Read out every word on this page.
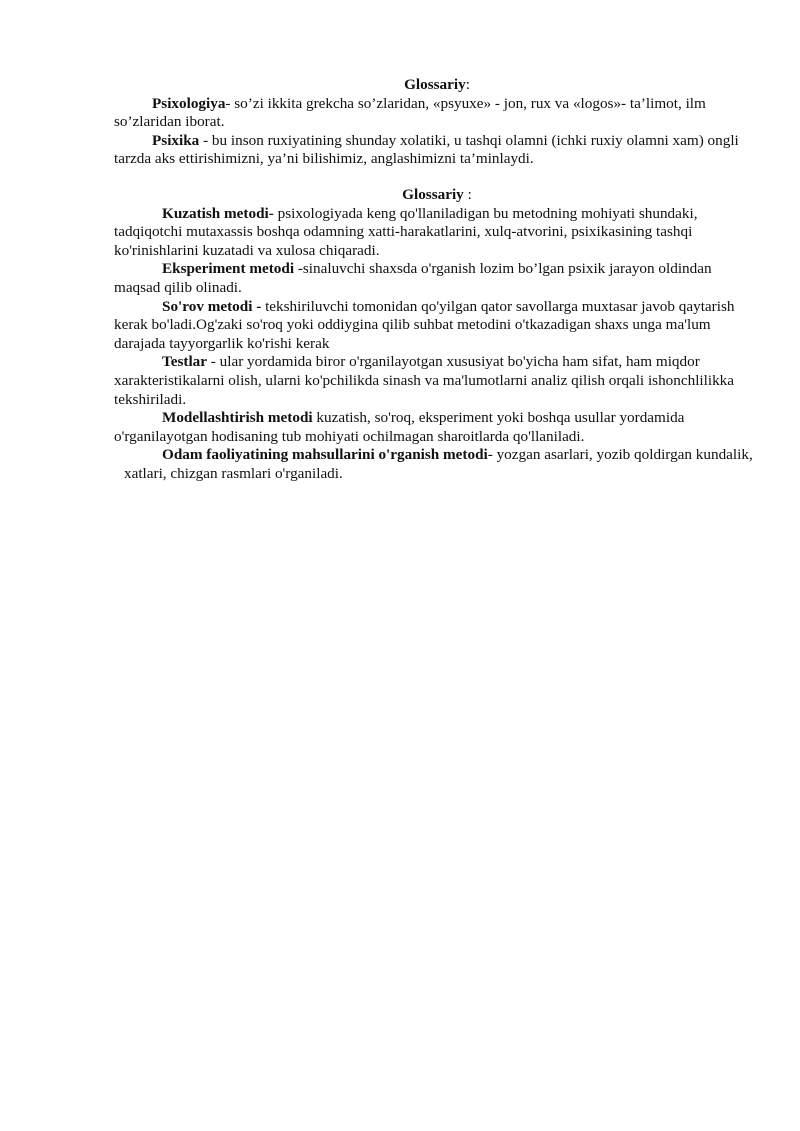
Glossariy:

Psixologiya- so’zi ikkita grekcha so’zlaridan, «psyuxe» - jon, rux va «logos»- ta’limot, ilm so’zlaridan iborat.

Psixika - bu inson ruxiyatining shunday xolatiki, u tashqi olamni (ichki ruxiy olamni xam) ongli tarzda aks ettirishimizni, ya’ni bilishimiz, anglashimizni ta’minlaydi.

Glossariy :

Kuzatish metodi- psixologiyada keng qo'llaniladigan bu metodning mohiyati shundaki, tadqiqotchi mutaxassis boshqa odamning xatti-harakatlarini, xulq-atvorini, psixikasining tashqi ko'rinishlarini kuzatadi va xulosa chiqaradi.

Eksperiment metodi -sinaluvchi shaxsda o'rganish lozim bo’lgan psixik jarayon oldindan maqsad qilib olinadi.

So'rov metodi - tekshiriluvchi tomonidan qo'yilgan qator savollarga muxtasar javob qaytarish kerak bo'ladi.Og'zaki so'roq yoki oddiygina qilib suhbat metodini o'tkazadigan shaxs unga ma'lum darajada tayyorgarlik ko'rishi kerak

Testlar - ular yordamida biror o'rganilayotgan xususiyat bo'yicha ham sifat, ham miqdor xarakteristikalarni olish, ularni ko'pchilikda sinash va ma'lumotlarni analiz qilish orqali ishonchlilikka tekshiriladi.

Modellashtirish metodi kuzatish, so'roq, eksperiment yoki boshqa usullar yordamida o'rganilayotgan hodisaning tub mohiyati ochilmagan sharoitlarda qo'llaniladi.

Odam faoliyatining mahsullarini o'rganish metodi- yozgan asarlari, yozib qoldirgan kundalik, xatlari, chizgan rasmlari o'rganiladi.
